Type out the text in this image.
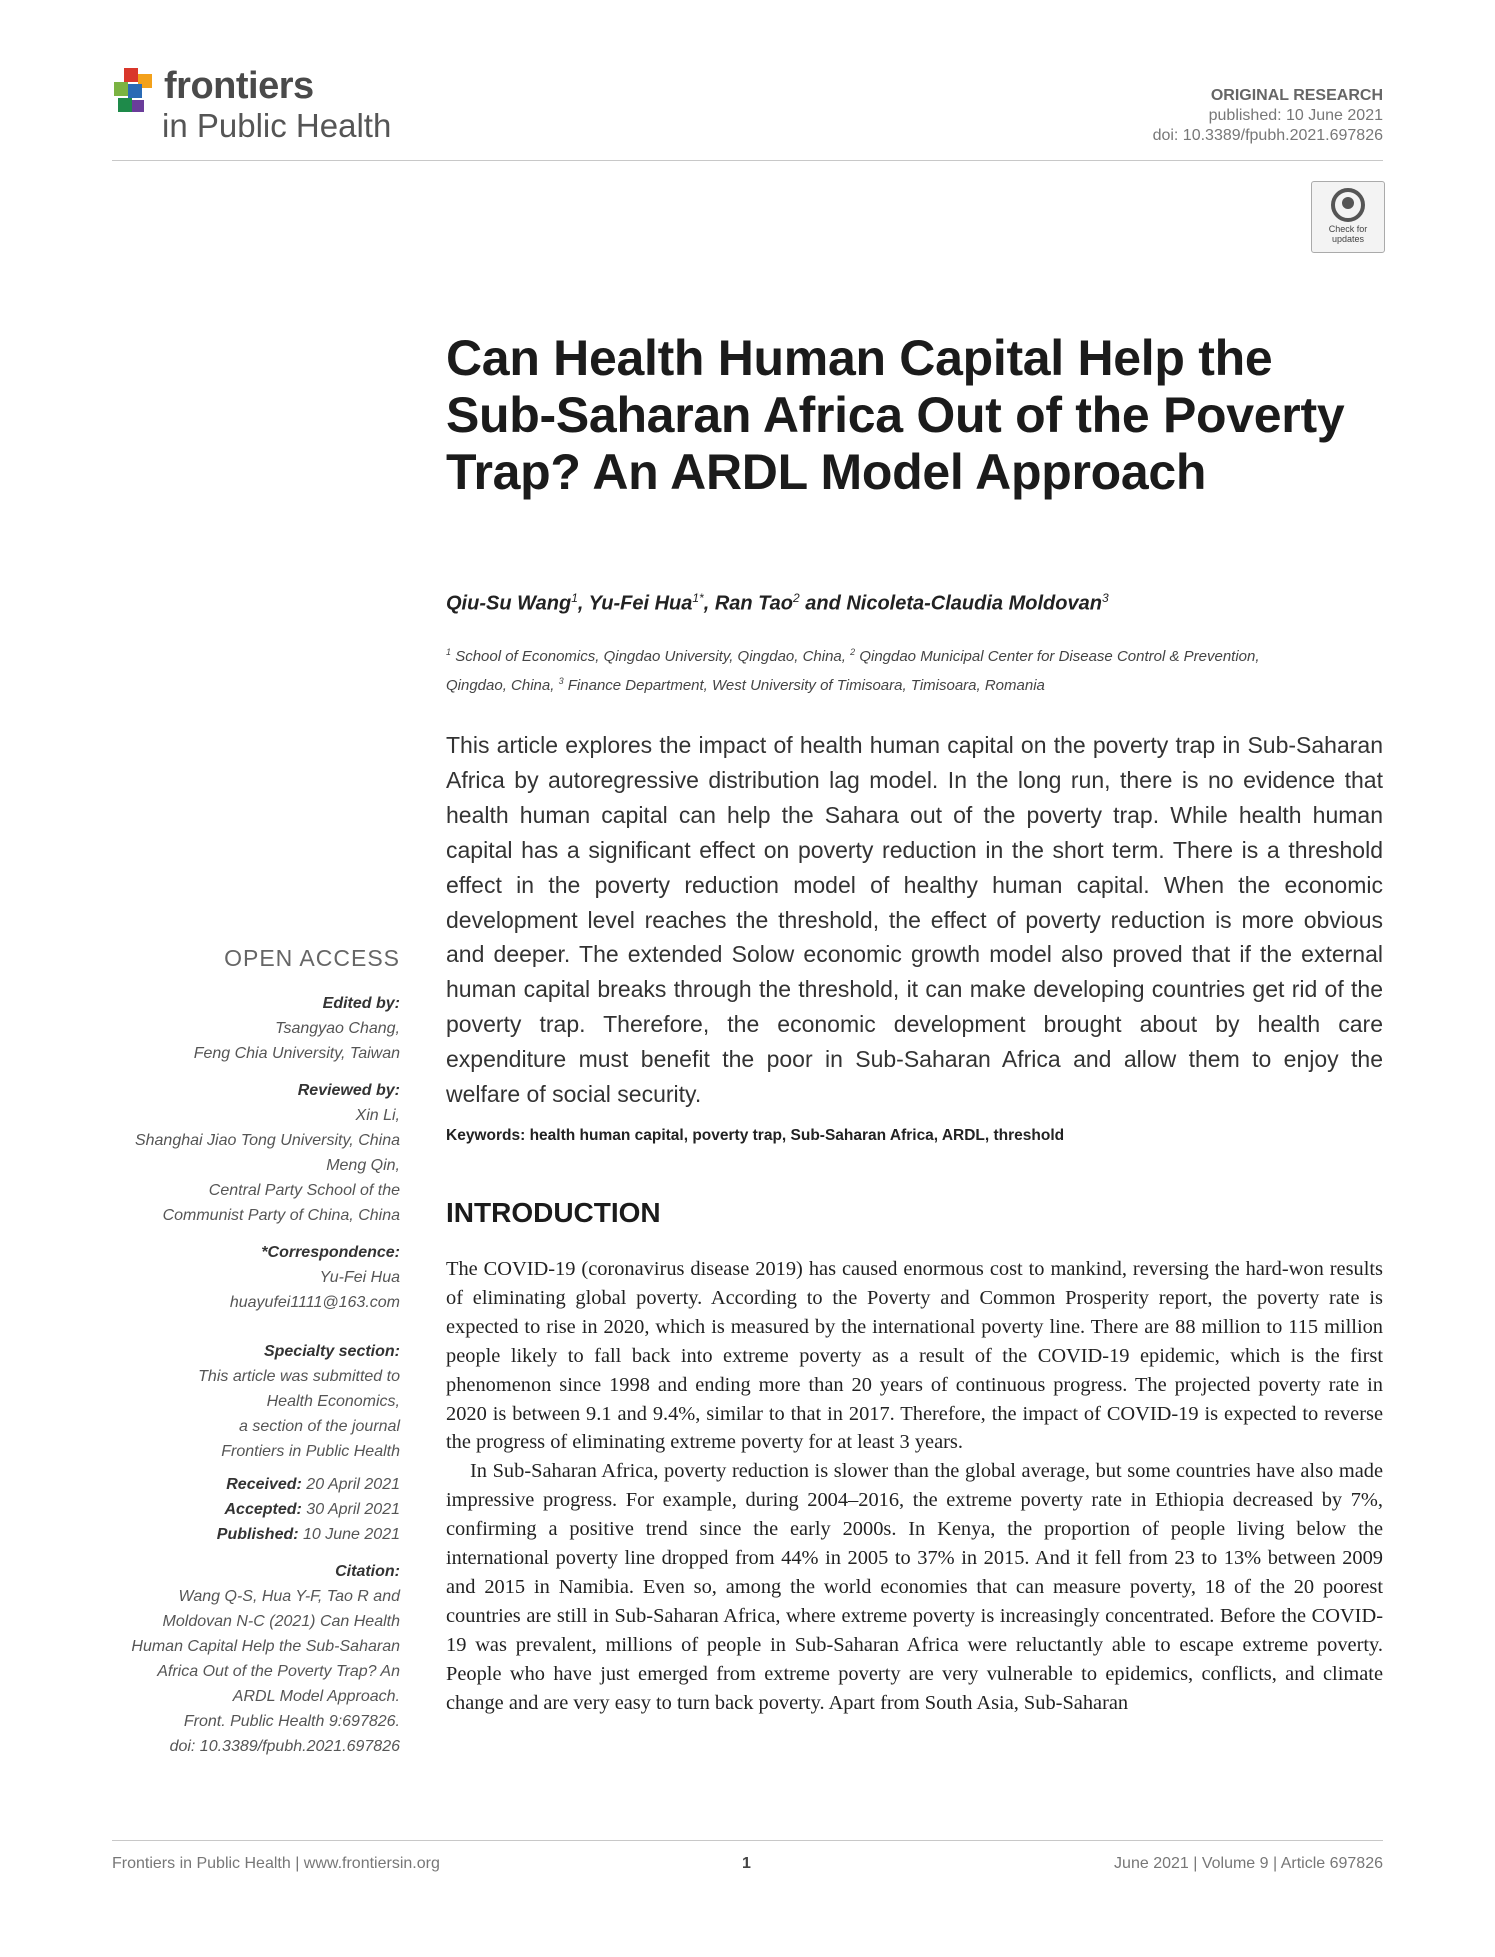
frontiers
in Public Health
ORIGINAL RESEARCH
published: 10 June 2021
doi: 10.3389/fpubh.2021.697826
Check for updates
Can Health Human Capital Help the Sub-Saharan Africa Out of the Poverty Trap? An ARDL Model Approach
Qiu-Su Wang$^1$, Yu-Fei Hua$^{1*}$, Ran Tao$^2$ and Nicoleta-Claudia Moldovan$^3$
$^1$ School of Economics, Qingdao University, Qingdao, China, $^2$ Qingdao Municipal Center for Disease Control & Prevention,
Qingdao, China, $^3$ Finance Department, West University of Timisoara, Timisoara, Romania
This article explores the impact of health human capital on the poverty trap in Sub-Saharan Africa by autoregressive distribution lag model. In the long run, there is no evidence that health human capital can help the Sahara out of the poverty trap. While health human capital has a significant effect on poverty reduction in the short term. There is a threshold effect in the poverty reduction model of healthy human capital. When the economic development level reaches the threshold, the effect of poverty reduction is more obvious and deeper. The extended Solow economic growth model also proved that if the external human capital breaks through the threshold, it can make developing countries get rid of the poverty trap. Therefore, the economic development brought about by health care expenditure must benefit the poor in Sub-Saharan Africa and allow them to enjoy the welfare of social security.
Keywords: health human capital, poverty trap, Sub-Saharan Africa, ARDL, threshold
INTRODUCTION

The COVID-19 (coronavirus disease 2019) has caused enormous cost to mankind, reversing the hard-won results of eliminating global poverty. According to the Poverty and Common Prosperity report, the poverty rate is expected to rise in 2020, which is measured by the international poverty line. There are 88 million to 115 million people likely to fall back into extreme poverty as a result of the COVID-19 epidemic, which is the first phenomenon since 1998 and ending more than 20 years of continuous progress. The projected poverty rate in 2020 is between 9.1 and 9.4%, similar to that in 2017. Therefore, the impact of COVID-19 is expected to reverse the progress of eliminating extreme poverty for at least 3 years.

In Sub-Saharan Africa, poverty reduction is slower than the global average, but some countries have also made impressive progress. For example, during 2004–2016, the extreme poverty rate in Ethiopia decreased by 7%, confirming a positive trend since the early 2000s. In Kenya, the proportion of people living below the international poverty line dropped from 44% in 2005 to 37% in 2015. And it fell from 23 to 13% between 2009 and 2015 in Namibia. Even so, among the world economies that can measure poverty, 18 of the 20 poorest countries are still in Sub-Saharan Africa, where extreme poverty is increasingly concentrated. Before the COVID-19 was prevalent, millions of people in Sub-Saharan Africa were reluctantly able to escape extreme poverty. People who have just emerged from extreme poverty are very vulnerable to epidemics, conflicts, and climate change and are very easy to turn back poverty. Apart from South Asia, Sub-Saharan

OPEN ACCESS
Edited by:
Tsangyao Chang,
Feng Chia University, Taiwan
Reviewed by:
Xin Li,
Shanghai Jiao Tong University, China
Meng Qin,
Central Party School of the
Communist Party of China, China
*Correspondence:
Yu-Fei Hua
huayufei1111@163.com
Specialty section:
This article was submitted to
Health Economics,
a section of the journal
Frontiers in Public Health
Received: 20 April 2021
Accepted: 30 April 2021
Published: 10 June 2021
Citation:
Wang Q-S, Hua Y-F, Tao R and
Moldovan N-C (2021) Can Health
Human Capital Help the Sub-Saharan
Africa Out of the Poverty Trap? An
ARDL Model Approach.
Front. Public Health 9:697826.
doi: 10.3389/fpubh.2021.697826
Frontiers in Public Health | www.frontiersin.org	1	June 2021 | Volume 9 | Article 697826
